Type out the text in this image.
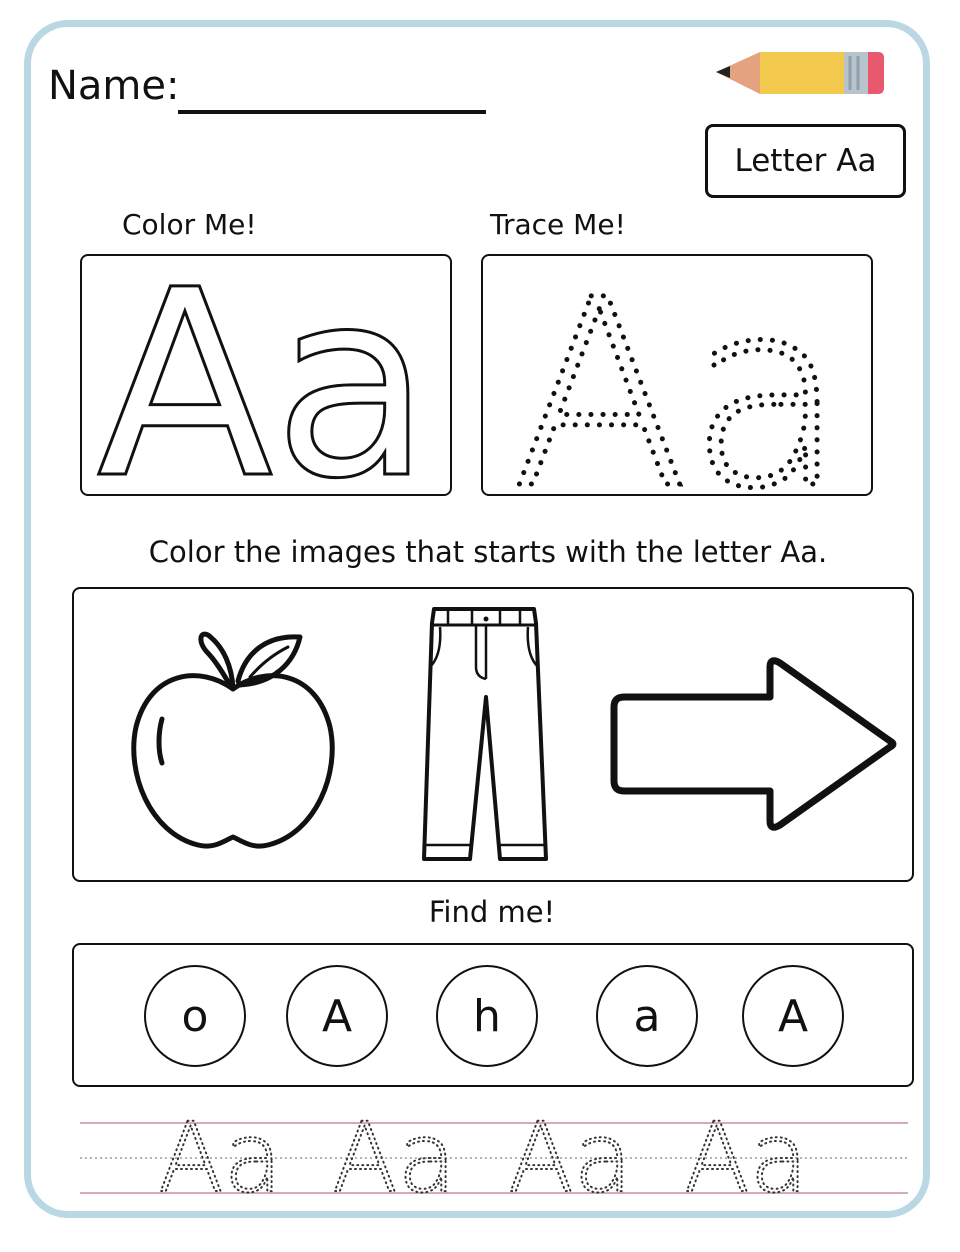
Name:
Letter Aa
Color Me!	Trace Me!
Aa Aa
Color the images that starts with the letter Aa.
Find me!
o	A	h	a	A
Aa Aa Aa Aa
